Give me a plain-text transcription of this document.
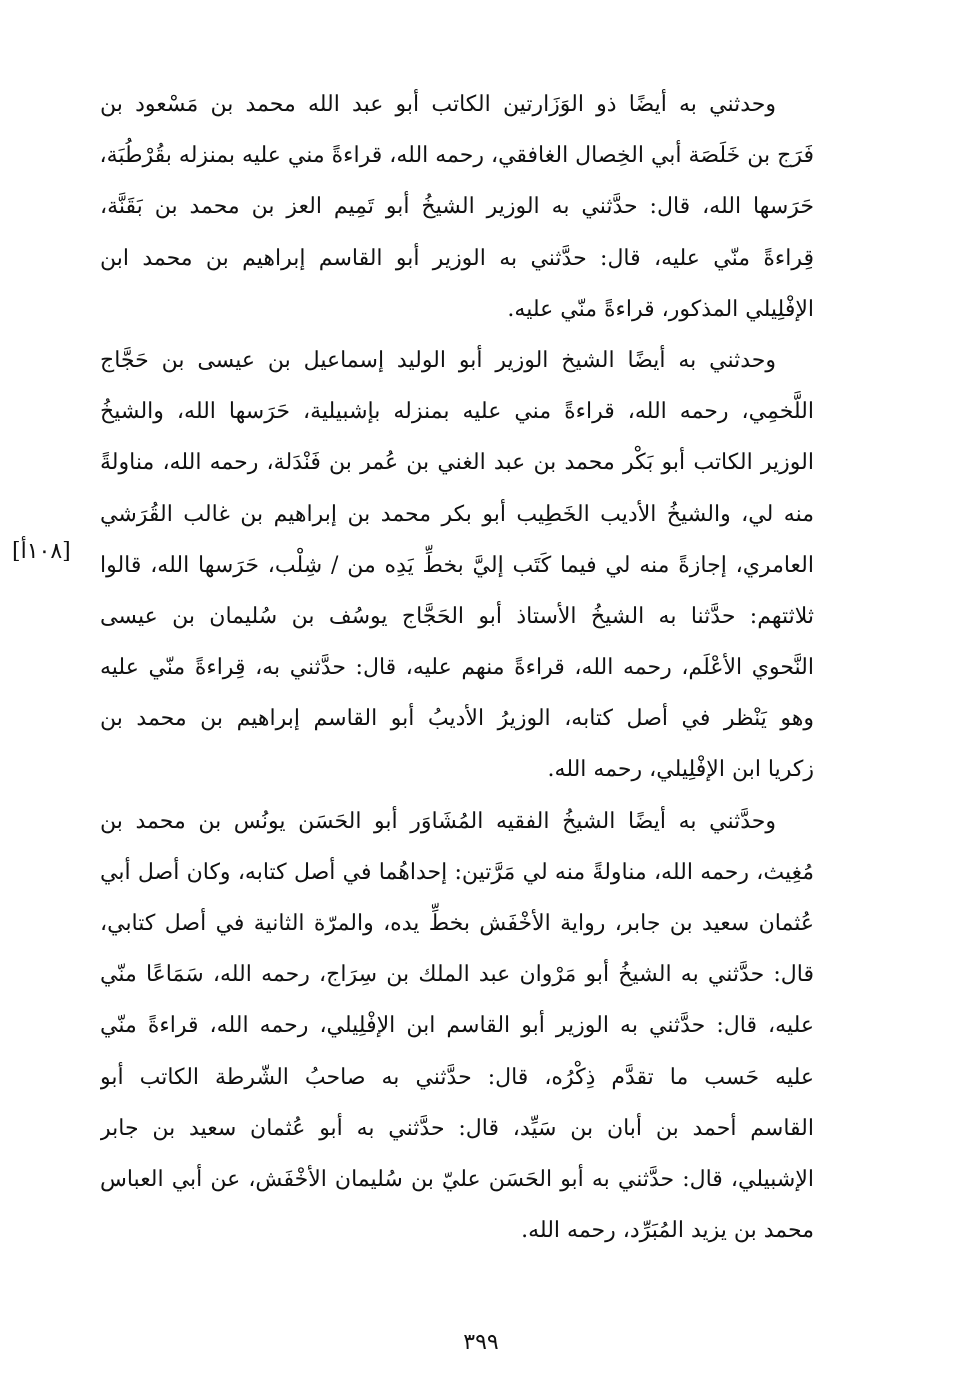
وحدثني به أيضًا ذو الوَزَارتين الكاتب أبو عبد الله محمد بن مَسْعود بن
فَرَج بن خَلَصَة أبي الخِصال الغافقي، رحمه الله، قراءةً مني عليه بمنزله بقُرْطُبَة،
حَرَسها الله، قال: حدَّثني به الوزير الشيخُ أبو تَمِيم العز بن محمد بن بَقَنَّة،
قِراءةً منّي عليه، قال: حدَّثني به الوزير أبو القاسم إبراهيم بن محمد ابن
الإفْلِيلي المذكور، قراءةً منّي عليه.
وحدثني به أيضًا الشيخ الوزير أبو الوليد إسماعيل بن عيسى بن حَجَّاج
اللَّخمِي، رحمه الله، قراءةً مني عليه بمنزله بإشبيلية، حَرَسها الله، والشيخُ
الوزير الكاتب أبو بَكْر محمد بن عبد الغني بن عُمر بن فَنْدَلة، رحمه الله، مناولةً
منه لي، والشيخُ الأديب الخَطِيب أبو بكر محمد بن إبراهيم بن غالب القُرَشي
العامري، إجازةً منه لي فيما كَتَب إليَّ بخطِّ يَدِه من / شِلْب، حَرَسها الله، قالوا
ثلاثتهم: حدَّثنا به الشيخُ الأستاذ أبو الحَجَّاج يوسُف بن سُليمان بن عيسى
النَّحوي الأعْلَم، رحمه الله، قراءةً منهم عليه، قال: حدَّثني به، قِراءةً منّي عليه
وهو يَنْظر في أصل كتابه، الوزيرُ الأديبُ أبو القاسم إبراهيم بن محمد بن
زكريا ابن الإفْلِيلي، رحمه الله.
وحدَّثني به أيضًا الشيخُ الفقيه المُشَاوَر أبو الحَسَن يونُس بن محمد بن
مُغِيث، رحمه الله، مناولةً منه لي مَرَّتين: إحداهُما في أصل كتابه، وكان أصل أبي
عُثمان سعيد بن جابر، رواية الأخْفَش بخطِّ يده، والمرّة الثانية في أصل كتابي،
قال: حدَّثني به الشيخُ أبو مَرْوان عبد الملك بن سِرَاج، رحمه الله، سَمَاعًا منّي
عليه، قال: حدَّثني به الوزير أبو القاسم ابن الإفْلِيلي، رحمه الله، قراءةً منّي
عليه حَسب ما تقدَّم ذِكْرُه، قال: حدَّثني به صاحبُ الشّرطة الكاتب أبو
القاسم أحمد بن أبان بن سَيِّد، قال: حدَّثني به أبو عُثمان سعيد بن جابر
الإشبيلي، قال: حدَّثني به أبو الحَسَن عليّ بن سُليمان الأخْفَش، عن أبي العباس
محمد بن يزيد المُبَرِّد، رحمه الله.
[١٠٨أ]
٣٩٩
